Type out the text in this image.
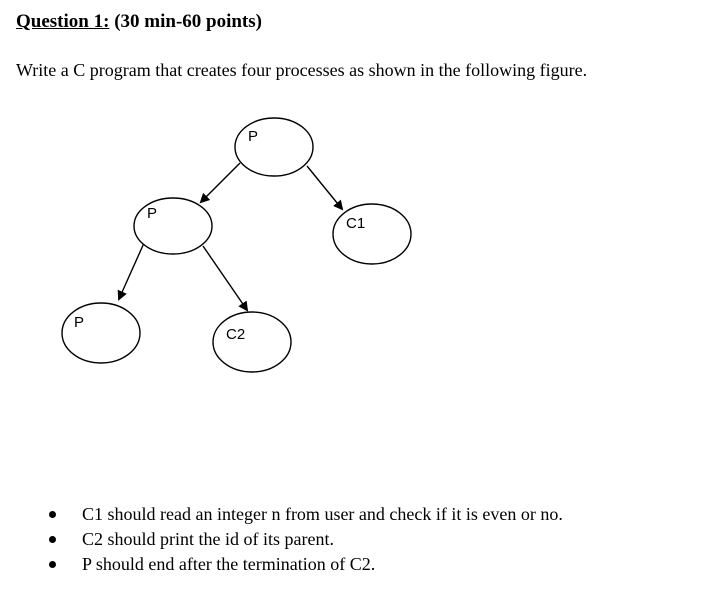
Question 1: (30 min-60 points)
Write a C program that creates four processes as shown in the following figure.
P
P
C1
P
C2
C1 should read an integer n from user and check if it is even or no.
C2 should print the id of its parent.
P should end after the termination of C2.
